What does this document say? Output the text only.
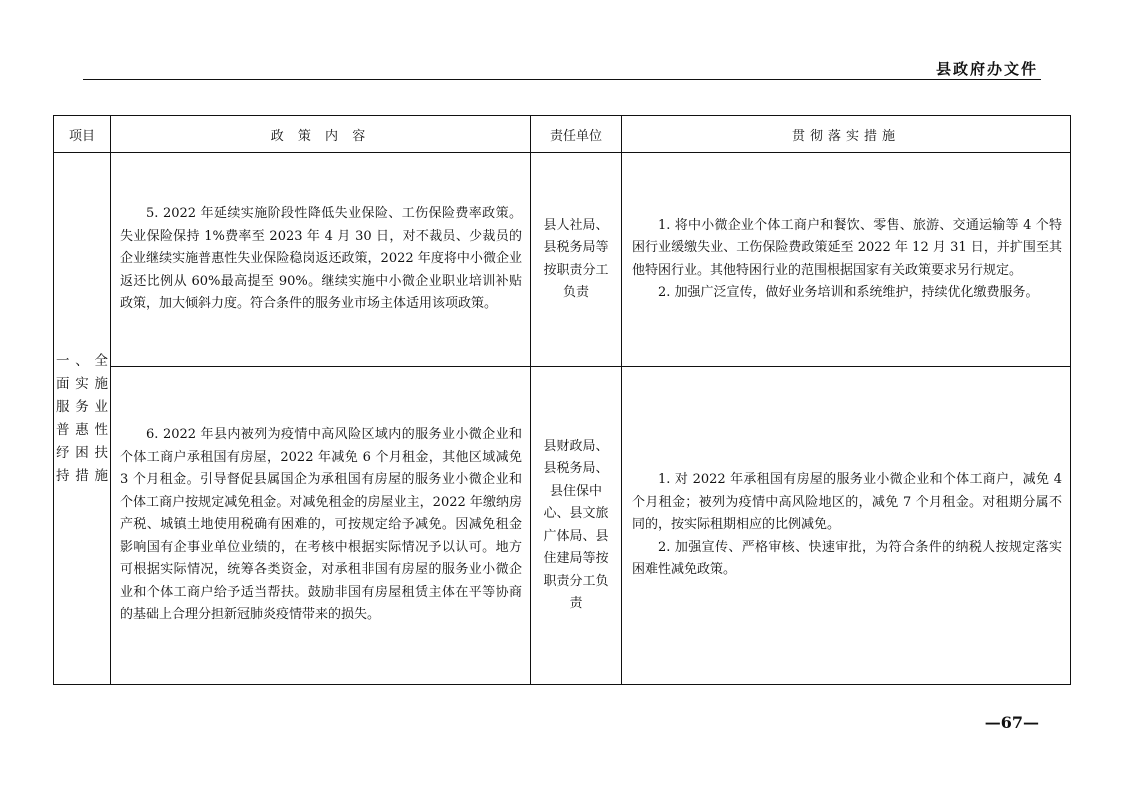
县政府办文件
项目	政 策 内 容	责任单位	贯彻落实措施
一、全面实施服务业普惠性纾困扶持措施	5. 2022 年延续实施阶段性降低失业保险、工伤保险费率政策。失业保险保持 1%费率至 2023 年 4 月 30 日，对不裁员、少裁员的企业继续实施普惠性失业保险稳岗返还政策，2022 年度将中小微企业返还比例从 60%最高提至 90%。继续实施中小微企业职业培训补贴政策，加大倾斜力度。符合条件的服务业市场主体适用该项政策。	县人社局、县税务局等按职责分工负责	1. 将中小微企业个体工商户和餐饮、零售、旅游、交通运输等 4 个特困行业缓缴失业、工伤保险费政策延至 2022 年 12 月 31 日，并扩围至其他特困行业。其他特困行业的范围根据国家有关政策要求另行规定。

2. 加强广泛宣传，做好业务培训和系统维护，持续优化缴费服务。

	6. 2022 年县内被列为疫情中高风险区域内的服务业小微企业和个体工商户承租国有房屋，2022 年减免 6 个月租金，其他区域减免 3 个月租金。引导督促县属国企为承租国有房屋的服务业小微企业和个体工商户按规定减免租金。对减免租金的房屋业主，2022 年缴纳房产税、城镇土地使用税确有困难的，可按规定给予减免。因减免租金影响国有企事业单位业绩的，在考核中根据实际情况予以认可。地方可根据实际情况，统筹各类资金，对承租非国有房屋的服务业小微企业和个体工商户给予适当帮扶。鼓励非国有房屋租赁主体在平等协商的基础上合理分担新冠肺炎疫情带来的损失。	县财政局、县税务局、县住保中心、县文旅广体局、县住建局等按职责分工负责	1. 对 2022 年承租国有房屋的服务业小微企业和个体工商户，减免 4 个月租金；被列为疫情中高风险地区的，减免 7 个月租金。对租期分属不同的，按实际租期相应的比例减免。

2. 加强宣传、严格审核、快速审批，为符合条件的纳税人按规定落实困难性减免政策。

—67—
